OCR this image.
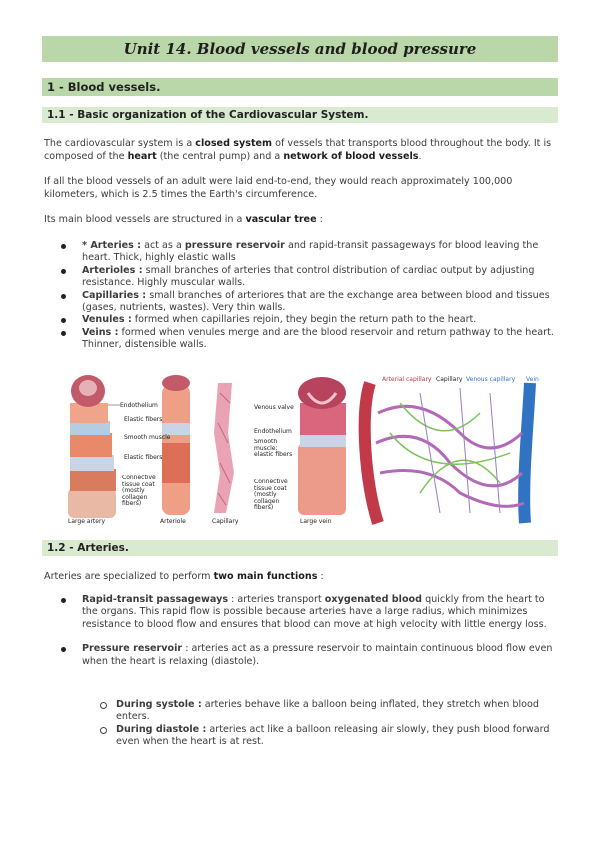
Unit 14. Blood vessels and blood pressure
1 - Blood vessels.
1.1 - Basic organization of the Cardiovascular System.
The cardiovascular system is a closed system of vessels that transports blood throughout the body. It is composed of the heart (the central pump) and a network of blood vessels.
If all the blood vessels of an adult were laid end-to-end, they would reach approximately 100,000 kilometers, which is 2.5 times the Earth's circumference.
Its main blood vessels are structured in a vascular tree :
* Arteries : act as a pressure reservoir and rapid-transit passageways for blood leaving the heart. Thick, highly elastic walls
Arterioles : small branches of arteries that control distribution of cardiac output by adjusting resistance. Highly muscular walls.
Capillaries : small branches of arteriores that are the exchange area between blood and tissues (gases, nutrients, wastes). Very thin walls.
Venules : formed when capillaries rejoin, they begin the return path to the heart.
Veins : formed when venules merge and are the blood reservoir and return pathway to the heart. Thinner, distensible walls.
Endothelium
Elastic fibers
Smooth muscle
Elastic fibers
Connective tissue coat (mostly collagen fibers)
Large artery	Arteriole	Capillary
Venous valve
Endothelium
Smooth muscle; elastic fibers
Connective tissue coat (mostly collagen fibers)
Large vein
Arterial capillary Capillary Venous capillary Vein
1.2 - Arteries.
Arteries are specialized to perform two main functions :
Rapid-transit passageways : arteries transport oxygenated blood quickly from the heart to the organs. This rapid flow is possible because arteries have a large radius, which minimizes resistance to blood flow and ensures that blood can move at high velocity with little energy loss.
Pressure reservoir : arteries act as a pressure reservoir to maintain continuous blood flow even when the heart is relaxing (diastole).
During systole : arteries behave like a balloon being inflated, they stretch when blood enters.
During diastole : arteries act like a balloon releasing air slowly, they push blood forward even when the heart is at rest.
